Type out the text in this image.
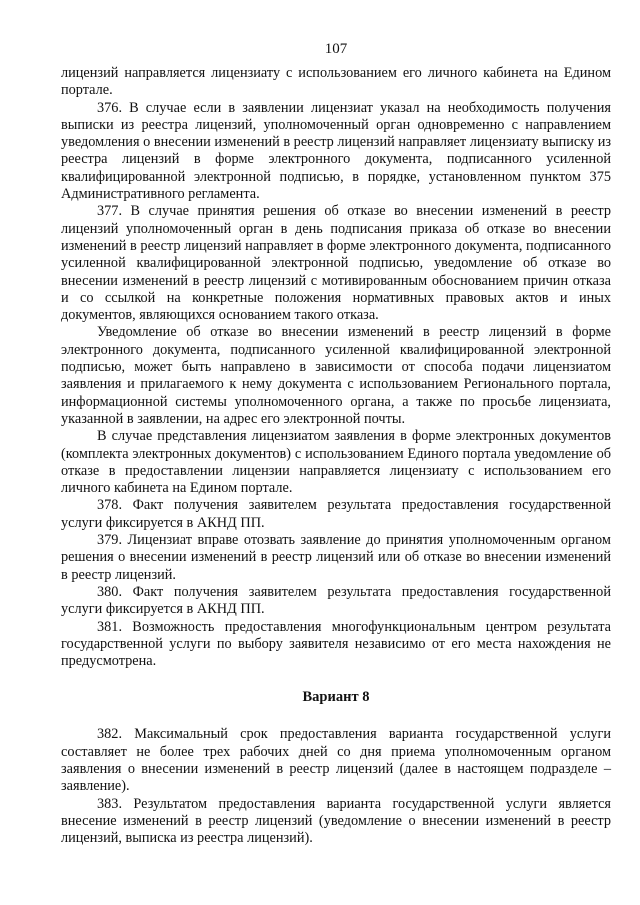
107

лицензий направляется лицензиату с использованием его личного кабинета на Едином портале.

376. В случае если в заявлении лицензиат указал на необходимость получения выписки из реестра лицензий, уполномоченный орган одновременно с направлением уведомления о внесении изменений в реестр лицензий направляет лицензиату выписку из реестра лицензий в форме электронного документа, подписанного усиленной квалифицированной электронной подписью, в порядке, установленном пунктом 375 Административного регламента.

377. В случае принятия решения об отказе во внесении изменений в реестр лицензий уполномоченный орган в день подписания приказа об отказе во внесении изменений в реестр лицензий направляет в форме электронного документа, подписанного усиленной квалифицированной электронной подписью, уведомление об отказе во внесении изменений в реестр лицензий с мотивированным обоснованием причин отказа и со ссылкой на конкретные положения нормативных правовых актов и иных документов, являющихся основанием такого отказа.

Уведомление об отказе во внесении изменений в реестр лицензий в форме электронного документа, подписанного усиленной квалифицированной электронной подписью, может быть направлено в зависимости от способа подачи лицензиатом заявления и прилагаемого к нему документа с использованием Регионального портала, информационной системы уполномоченного органа, а также по просьбе лицензиата, указанной в заявлении, на адрес его электронной почты.

В случае представления лицензиатом заявления в форме электронных документов (комплекта электронных документов) с использованием Единого портала уведомление об отказе в предоставлении лицензии направляется лицензиату с использованием его личного кабинета на Едином портале.

378. Факт получения заявителем результата предоставления государственной услуги фиксируется в АКНД ПП.

379. Лицензиат вправе отозвать заявление до принятия уполномоченным органом решения о внесении изменений в реестр лицензий или об отказе во внесении изменений в реестр лицензий.

380. Факт получения заявителем результата предоставления государственной услуги фиксируется в АКНД ПП.

381. Возможность предоставления многофункциональным центром результата государственной услуги по выбору заявителя независимо от его места нахождения не предусмотрена.

Вариант 8

382. Максимальный срок предоставления варианта государственной услуги составляет не более трех рабочих дней со дня приема уполномоченным органом заявления о внесении изменений в реестр лицензий (далее в настоящем подразделе – заявление).

383. Результатом предоставления варианта государственной услуги является внесение изменений в реестр лицензий (уведомление о внесении изменений в реестр лицензий, выписка из реестра лицензий).
